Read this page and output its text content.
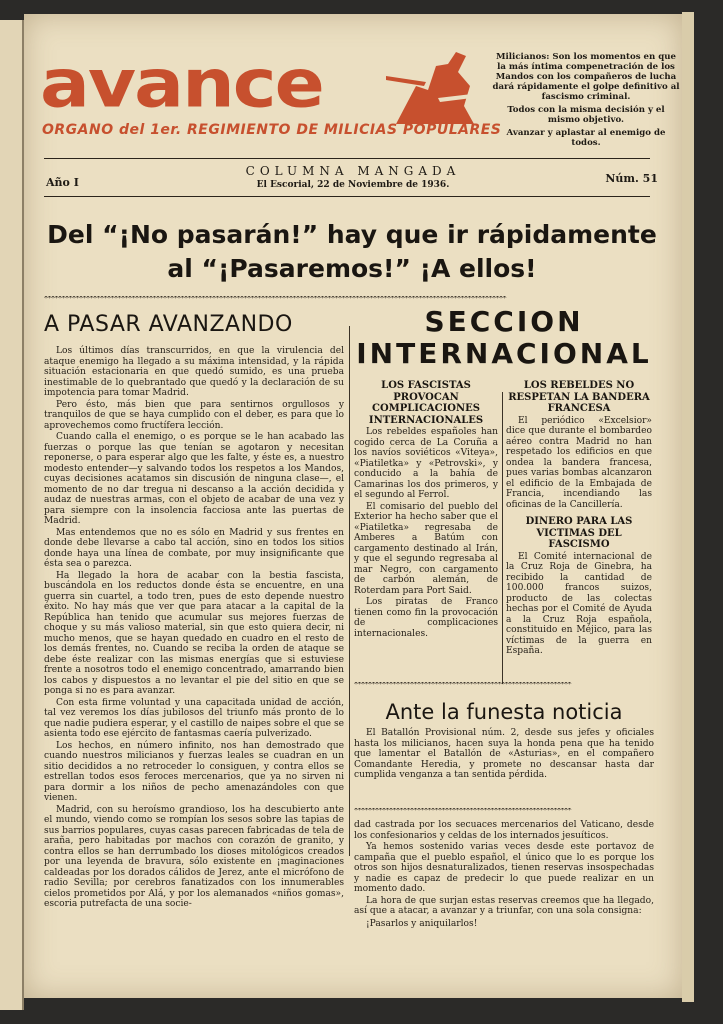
avance
ORGANO del 1er. REGIMIENTO DE MILICIAS POPULARES

Milicianos: Son los momentos en que la más íntima compenetración de los Mandos con los compañeros de lucha dará rápidamente el golpe definitivo al fascismo criminal.

Todos con la misma decisión y el mismo objetivo.

Avanzar y aplastar al enemigo de todos.

Año I
COLUMNA MANGADA
El Escorial, 22 de Noviembre de 1936.	Núm. 51
Del “¡No pasarán!” hay que ir rápidamente al “¡Pasaremos!” ¡A ellos!
************************************************************************************************************************************
A PASAR AVANZANDO

Los últimos días transcurridos, en que la virulencia del ataque enemigo ha llegado a su máxima intensidad, y la rápida situación estacionaria en que quedó sumido, es una prueba inestimable de lo quebrantado que quedó y la declaración de su impotencia para tomar Madrid.

Pero ésto, más bien que para sentirnos orgullosos y tranquilos de que se haya cumplido con el deber, es para que lo aprovechemos como fructífera lección.

Cuando calla el enemigo, o es porque se le han acabado las fuerzas o porque las que tenían se agotaron y necesitan reponerse, o para esperar algo que les falte, y éste es, a nuestro modesto entender—y salvando todos los respetos a los Mandos, cuyas decisiones acatamos sin discusión de ninguna clase—, el momento de no dar tregua ni descanso a la acción decidida y audaz de nuestras armas, con el objeto de acabar de una vez y para siempre con la insolencia facciosa ante las puertas de Madrid.

Mas entendemos que no es sólo en Madrid y sus frentes en donde debe llevarse a cabo tal acción, sino en todos los sitios donde haya una línea de combate, por muy insignificante que ésta sea o parezca.

Ha llegado la hora de acabar con la bestia fascista, buscándola en los reductos donde ésta se encuentre, en una guerra sin cuartel, a todo tren, pues de esto depende nuestro éxito. No hay más que ver que para atacar a la capital de la República han tenido que acumular sus mejores fuerzas de choque y su más valioso material, sin que esto quiera decir, ni mucho menos, que se hayan quedado en cuadro en el resto de los demás frentes, no. Cuando se reciba la orden de ataque se debe éste realizar con las mismas energías que si estuviese frente a nosotros todo el enemigo concentrado, amarrando bien los cabos y dispuestos a no levantar el pie del sitio en que se ponga si no es para avanzar.

Con esta firme voluntad y una capacitada unidad de acción, tal vez veremos los días jubilosos del triunfo más pronto de lo que nadie pudiera esperar, y el castillo de naipes sobre el que se asienta todo ese ejército de fantasmas caería pulverizado.

Los hechos, en número infinito, nos han demostrado que cuando nuestros milicianos y fuerzas leales se cuadran en un sitio decididos a no retroceder lo consiguen, y contra ellos se estrellan todos esos feroces mercenarios, que ya no sirven ni para dormir a los niños de pecho amenazándoles con que vienen.

Madrid, con su heroísmo grandioso, los ha descubierto ante el mundo, viendo como se rompían los sesos sobre las tapias de sus barrios populares, cuyas casas parecen fabricadas de tela de araña, pero habitadas por machos con corazón de granito, y contra ellos se han derrumbado los dioses mitológicos creados por una leyenda de bravura, sólo existente en ¡maginaciones caldeadas por los dorados cálidos de Jerez, ante el micrófono de radio Sevilla; por cerebros fanatizados con los innumerables cielos prometidos por Alá, y por los alemanados «niños gomas», escoria putrefacta de una socie-

SECCION INTERNACIONAL

LOS FASCISTAS PROVOCAN COMPLICACIONES INTERNACIONALES

Los rebeldes españoles han cogido cerca de La Coruña a los navíos soviéticos «Viteya», «Piatiletka» y «Petrovski», y conducido a la bahía de Camarinas los dos primeros, y el segundo al Ferrol.

El comisario del pueblo del Exterior ha hecho saber que el «Piatiletka» regresaba de Amberes a Batúm con cargamento destinado al Irán, y que el segundo regresaba al mar Negro, con cargamento de carbón alemán, de Roterdam para Port Said.

Los piratas de Franco tienen como fin la provocación de complicaciones internacionales.

LOS REBELDES NO RESPETAN LA BANDERA FRANCESA

El periódico «Excelsior» dice que durante el bombardeo aéreo contra Madrid no han respetado los edificios en que ondea la bandera francesa, pues varias bombas alcanzaron el edificio de la Embajada de Francia, incendiando las oficinas de la Cancillería.

DINERO PARA LAS VICTIMAS DEL FASCISMO

El Comité internacional de la Cruz Roja de Ginebra, ha recibido la cantidad de 100.000 francos suizos, producto de las colectas hechas por el Comité de Ayuda a la Cruz Roja española, constituido en Méjico, para las víctimas de la guerra en España.

**************************************************************
Ante la funesta noticia

El Batallón Provisional núm. 2, desde sus jefes y oficiales hasta los milicianos, hacen suya la honda pena que ha tenido que lamentar el Batallón de «Asturias», en el compañero Comandante Heredia, y promete no descansar hasta dar cumplida venganza a tan sentida pérdida.

**************************************************************

dad castrada por los secuaces mercenarios del Vaticano, desde los confesionarios y celdas de los internados jesuíticos.

Ya hemos sostenido varias veces desde este portavoz de campaña que el pueblo español, el único que lo es porque los otros son hijos desnaturalizados, tienen reservas insospechadas y nadie es capaz de predecir lo que puede realizar en un momento dado.

La hora de que surjan estas reservas creemos que ha llegado, así que a atacar, a avanzar y a triunfar, con una sola consigna:

¡Pasarlos y aniquilarlos!
